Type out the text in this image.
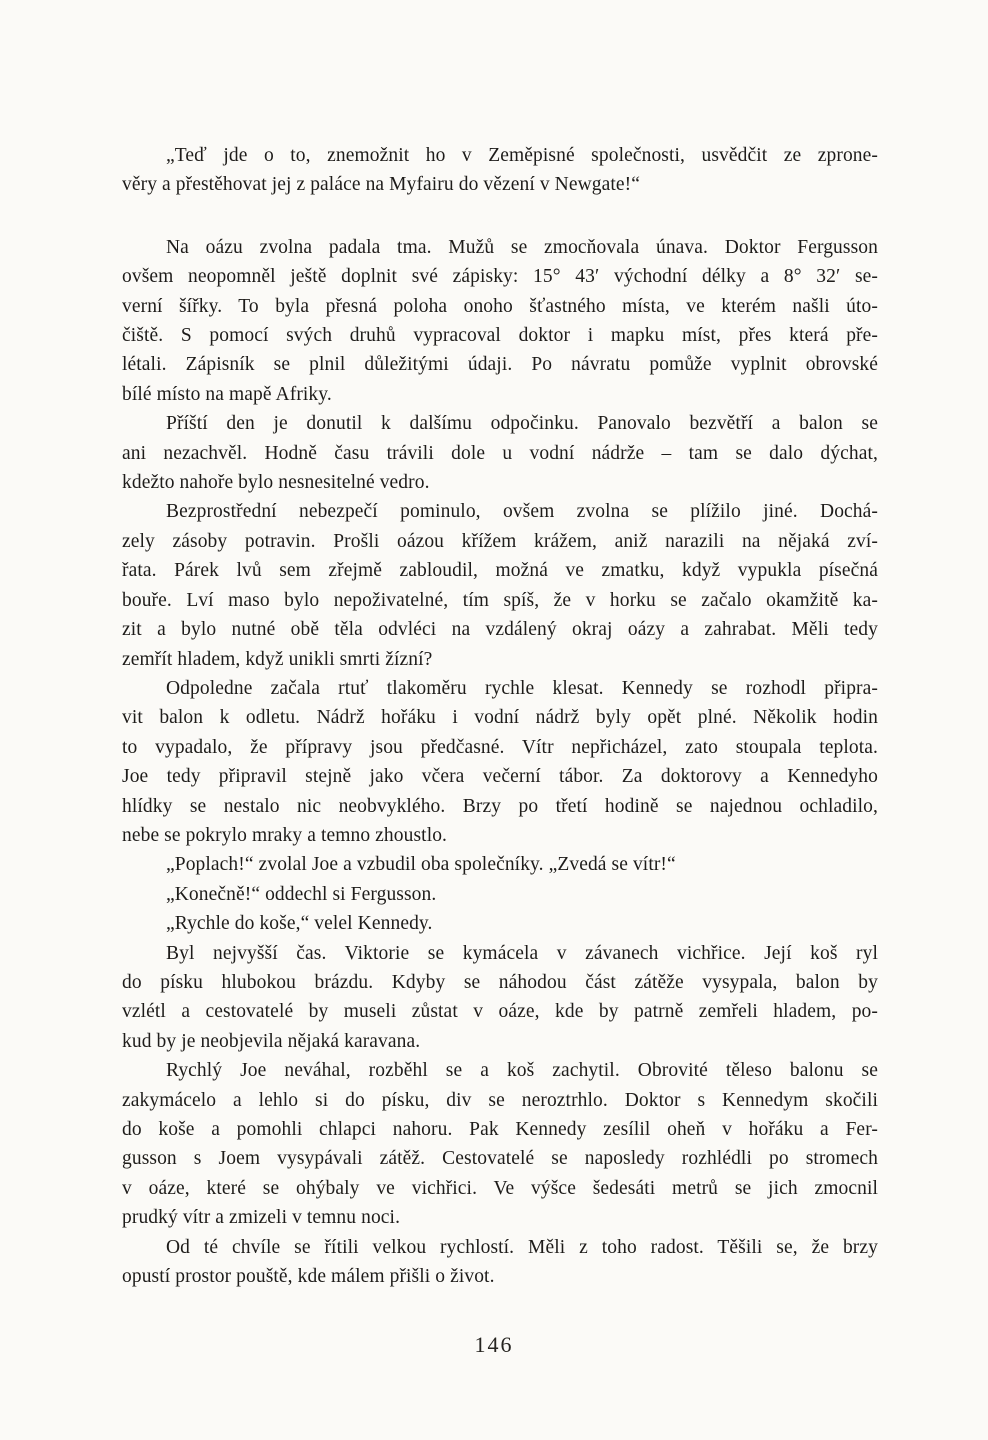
„Teď jde o to, znemožnit ho v Zeměpisné společnosti, usvědčit ze zprone-
věry a přestěhovat jej z paláce na Myfairu do vězení v Newgate!“
Na oázu zvolna padala tma. Mužů se zmocňovala únava. Doktor Fergusson
ovšem neopomněl ještě doplnit své zápisky: 15° 43′ východní délky a 8° 32′ se-
verní šířky. To byla přesná poloha onoho šťastného místa, ve kterém našli úto-
čiště. S pomocí svých druhů vypracoval doktor i mapku míst, přes která pře-
létali. Zápisník se plnil důležitými údaji. Po návratu pomůže vyplnit obrovské
bílé místo na mapě Afriky.
Příští den je donutil k dalšímu odpočinku. Panovalo bezvětří a balon se
ani nezachvěl. Hodně času trávili dole u vodní nádrže – tam se dalo dýchat,
kdežto nahoře bylo nesnesitelné vedro.
Bezprostřední nebezpečí pominulo, ovšem zvolna se plížilo jiné. Dochá-
zely zásoby potravin. Prošli oázou křížem krážem, aniž narazili na nějaká zví-
řata. Párek lvů sem zřejmě zabloudil, možná ve zmatku, když vypukla písečná
bouře. Lví maso bylo nepoživatelné, tím spíš, že v horku se začalo okamžitě ka-
zit a bylo nutné obě těla odvléci na vzdálený okraj oázy a zahrabat. Měli tedy
zemřít hladem, když unikli smrti žízní?
Odpoledne začala rtuť tlakoměru rychle klesat. Kennedy se rozhodl připra-
vit balon k odletu. Nádrž hořáku i vodní nádrž byly opět plné. Několik hodin
to vypadalo, že přípravy jsou předčasné. Vítr nepřicházel, zato stoupala teplota.
Joe tedy připravil stejně jako včera večerní tábor. Za doktorovy a Kennedyho
hlídky se nestalo nic neobvyklého. Brzy po třetí hodině se najednou ochladilo,
nebe se pokrylo mraky a temno zhoustlo.
„Poplach!“ zvolal Joe a vzbudil oba společníky. „Zvedá se vítr!“
„Konečně!“ oddechl si Fergusson.
„Rychle do koše,“ velel Kennedy.
Byl nejvyšší čas. Viktorie se kymácela v závanech vichřice. Její koš ryl
do písku hlubokou brázdu. Kdyby se náhodou část zátěže vysypala, balon by
vzlétl a cestovatelé by museli zůstat v oáze, kde by patrně zemřeli hladem, po-
kud by je neobjevila nějaká karavana.
Rychlý Joe neváhal, rozběhl se a koš zachytil. Obrovité těleso balonu se
zakymácelo a lehlo si do písku, div se neroztrhlo. Doktor s Kennedym skočili
do koše a pomohli chlapci nahoru. Pak Kennedy zesílil oheň v hořáku a Fer-
gusson s Joem vysypávali zátěž. Cestovatelé se naposledy rozhlédli po stromech
v oáze, které se ohýbaly ve vichřici. Ve výšce šedesáti metrů se jich zmocnil
prudký vítr a zmizeli v temnu noci.
Od té chvíle se řítili velkou rychlostí. Měli z toho radost. Těšili se, že brzy
opustí prostor pouště, kde málem přišli o život.
146
